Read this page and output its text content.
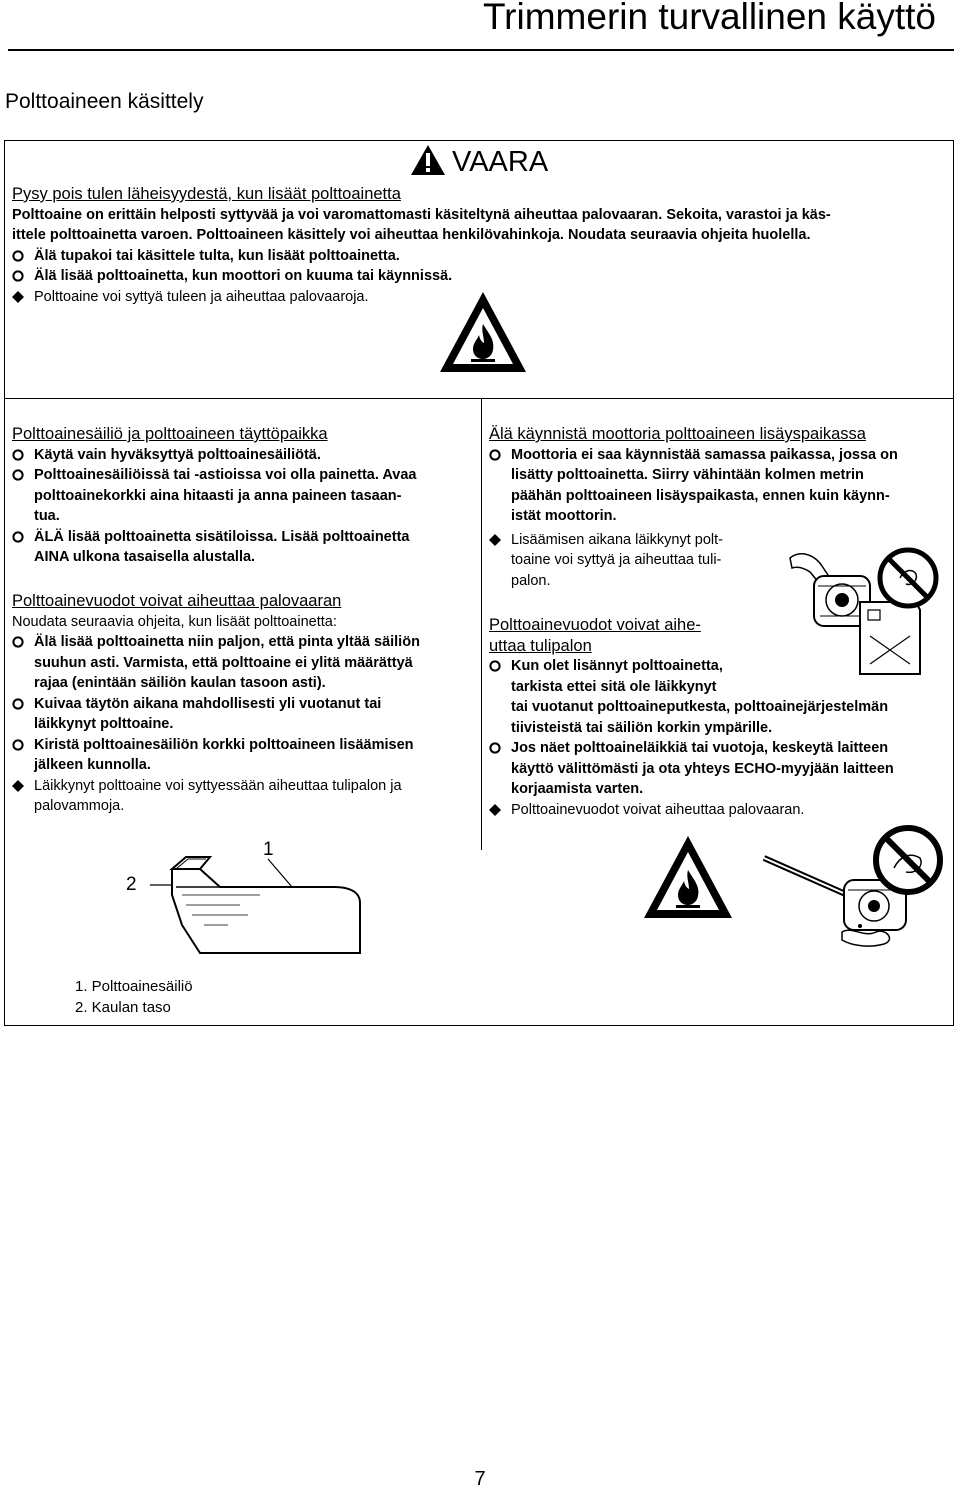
Trimmerin turvallinen käyttö
Polttoaineen käsittely
VAARA
Pysy pois tulen läheisyydestä, kun lisäät polttoainetta
Polttoaine on erittäin helposti syttyvää ja voi varomattomasti käsiteltynä aiheuttaa palovaaran. Sekoita, varastoi ja käs-
ittele polttoainetta varoen. Polttoaineen käsittely voi aiheuttaa henkilövahinkoja. Noudata seuraavia ohjeita huolella.
Älä tupakoi tai käsittele tulta, kun lisäät polttoainetta.
Älä lisää polttoainetta, kun moottori on kuuma tai käynnissä.
Polttoaine voi syttyä tuleen ja aiheuttaa palovaaroja.
Polttoainesäiliö ja polttoaineen täyttöpaikka
Käytä vain hyväksyttyä polttoainesäiliötä.
Polttoainesäiliöissä tai -astioissa voi olla painetta. Avaa
polttoainekorkki aina hitaasti ja anna paineen tasaan-
tua.
ÄLÄ lisää polttoainetta sisätiloissa. Lisää polttoainetta
AINA ulkona tasaisella alustalla.
Polttoainevuodot voivat aiheuttaa palovaaran
Noudata seuraavia ohjeita, kun lisäät polttoainetta:
Älä lisää polttoainetta niin paljon, että pinta yltää säiliön
suuhun asti. Varmista, että polttoaine ei ylitä määrättyä
rajaa (enintään säiliön kaulan tasoon asti).
Kuivaa täytön aikana mahdollisesti yli vuotanut tai
läikkynyt polttoaine.
Kiristä polttoainesäiliön korkki polttoaineen lisäämisen
jälkeen kunnolla.
Läikkynyt polttoaine voi syttyessään aiheuttaa tulipalon ja
palovammoja.
1
2
1. Polttoainesäiliö
2. Kaulan taso
Älä käynnistä moottoria polttoaineen lisäyspaikassa
Moottoria ei saa käynnistää samassa paikassa, jossa on
lisätty polttoainetta. Siirry vähintään kolmen metrin
päähän polttoaineen lisäyspaikasta, ennen kuin käynn-
istät moottorin.
Lisäämisen aikana läikkynyt polt-
toaine voi syttyä ja aiheuttaa tuli-
palon.
Polttoainevuodot voivat aihe-
uttaa tulipalon
Kun olet lisännyt polttoainetta,
tarkista ettei sitä ole läikkynyt
tai vuotanut polttoaineputkesta, polttoainejärjestelmän
tiivisteistä tai säiliön korkin ympärille.
Jos näet polttoaineläikkiä tai vuotoja, keskeytä laitteen
käyttö välittömästi ja ota yhteys ECHO-myyjään laitteen
korjaamista varten.
Polttoainevuodot voivat aiheuttaa palovaaran.
7
